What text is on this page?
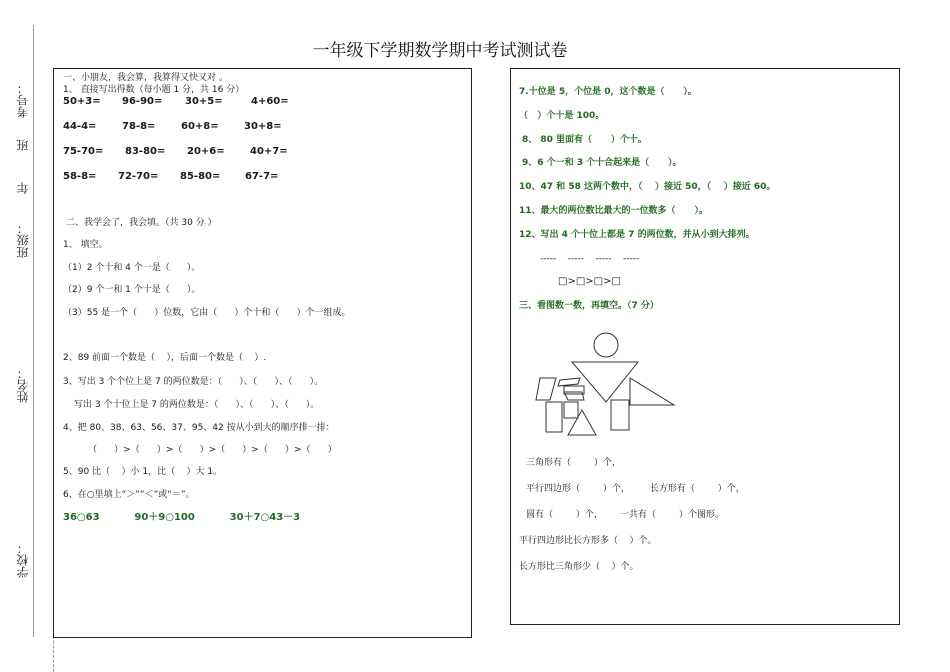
一年级下学期数学期中考试测试卷
考号：
班
年
班级：
姓名：
学校：
一、小朋友，我会算，我算得又快又对 。
1、 直接写出得数（每小题 1 分，共 16 分）
50+3=	96-90=	30+5=	4+60=
44-4=	78-8=	60+8=	30+8=
75-70=	83-80=	20+6=	40+7=
58-8=	72-70=	85-80=	67-7=
二、我学会了，我会填。（共 30 分 ）
1、 填空。
（1）2 个十和 4 个一是（      ）。
（2）9 个一和 1 个十是（      ）。
（3）55 是一个（      ）位数，它由（      ）个十和（      ）个一组成。
2、89 前面一个数是（    ），后面一个数是（    ）.
3、写出 3 个个位上是 7 的两位数是：（      ）、（      ）、（      ）。
写出 3 个十位上是 7 的两位数是：（      ）、（      ）、（      ）。
4、把 80、38、63、56、37、95、42 按从小到大的顺序排一排：
（      ）>（      ）>（      ）>（      ）>（      ）>（      ）
5、90 比（    ）小 1，比（    ）大 1。
6、在○里填上“＞”“＜”或“＝”。
36○63          90＋9○100          30＋7○43－3
7.十位是 5，个位是 0，这个数是（      ）。
（   ）个十是 100。
8、 80 里面有（      ）个十。
9、6 个一和 3 个十合起来是（      ）。
10、47 和 58 这两个数中，（    ）接近 50，（    ）接近 60。
11、最大的两位数比最大的一位数多（      ）。
12、写出 4 个十位上都是 7 的两位数，并从小到大排列。
-----    -----    -----    -----
□>□>□>□
三、看图数一数，再填空。（7 分）
三角形有（        ）个，
平行四边形（        ）个，       长方形有（        ）个，
圆有（        ）个，      一共有（        ）个图形。
平行四边形比长方形多（    ）个。
长方形比三角形少（    ）个。
